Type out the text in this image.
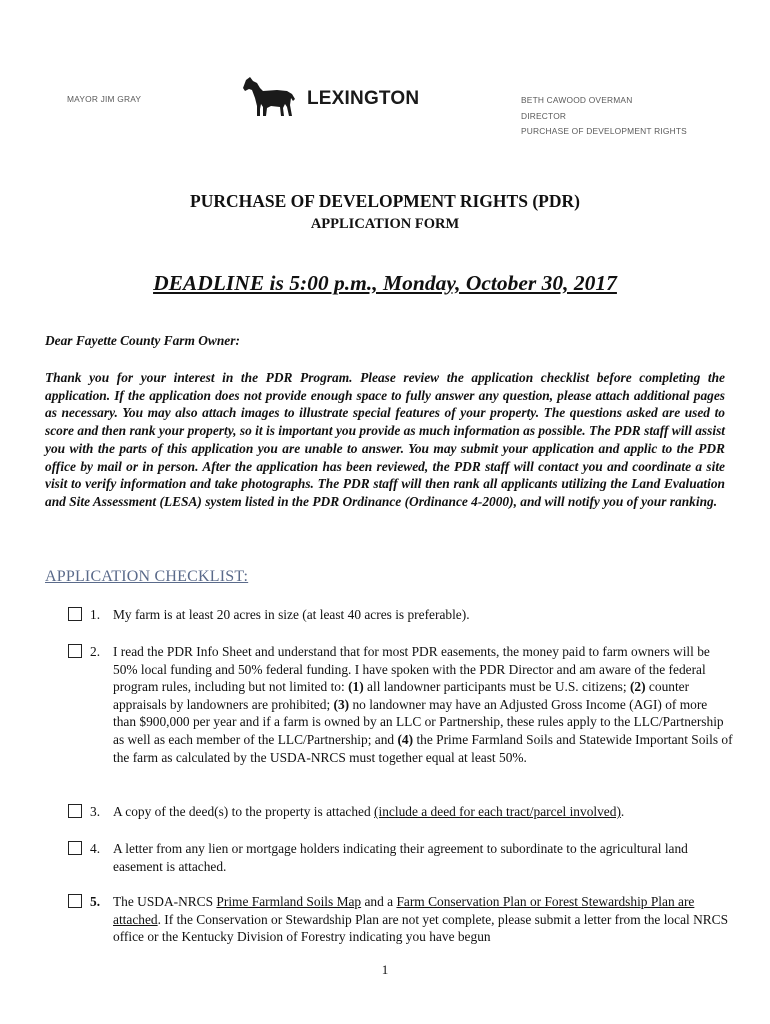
MAYOR JIM GRAY	LEXINGTON	BETH CAWOOD OVERMAN
DIRECTOR
PURCHASE OF DEVELOPMENT RIGHTS
PURCHASE OF DEVELOPMENT RIGHTS (PDR)
APPLICATION FORM
DEADLINE is 5:00 p.m., Monday, October 30, 2017
Dear Fayette County Farm Owner:
Thank you for your interest in the PDR Program. Please review the application checklist before completing the application. If the application does not provide enough space to fully answer any question, please attach additional pages as necessary. You may also attach images to illustrate special features of your property. The questions asked are used to score and then rank your property, so it is important you provide as much information as possible. The PDR staff will assist you with the parts of this application you are unable to answer. You may submit your application and applic to the PDR office by mail or in person. After the application has been reviewed, the PDR staff will contact you and coordinate a site visit to verify information and take photographs. The PDR staff will then rank all applicants utilizing the Land Evaluation and Site Assessment (LESA) system listed in the PDR Ordinance (Ordinance 4-2000), and will notify you of your ranking.
APPLICATION CHECKLIST:
1. My farm is at least 20 acres in size (at least 40 acres is preferable).
2. I read the PDR Info Sheet and understand that for most PDR easements, the money paid to farm owners will be 50% local funding and 50% federal funding. I have spoken with the PDR Director and am aware of the federal program rules, including but not limited to: (1) all landowner participants must be U.S. citizens; (2) counter appraisals by landowners are prohibited; (3) no landowner may have an Adjusted Gross Income (AGI) of more than $900,000 per year and if a farm is owned by an LLC or Partnership, these rules apply to the LLC/Partnership as well as each member of the LLC/Partnership; and (4) the Prime Farmland Soils and Statewide Important Soils of the farm as calculated by the USDA-NRCS must together equal at least 50%.
3. A copy of the deed(s) to the property is attached (include a deed for each tract/parcel involved).
4. A letter from any lien or mortgage holders indicating their agreement to subordinate to the agricultural land easement is attached.
5. The USDA-NRCS Prime Farmland Soils Map and a Farm Conservation Plan or Forest Stewardship Plan are attached. If the Conservation or Stewardship Plan are not yet complete, please submit a letter from the local NRCS office or the Kentucky Division of Forestry indicating you have begun
1
